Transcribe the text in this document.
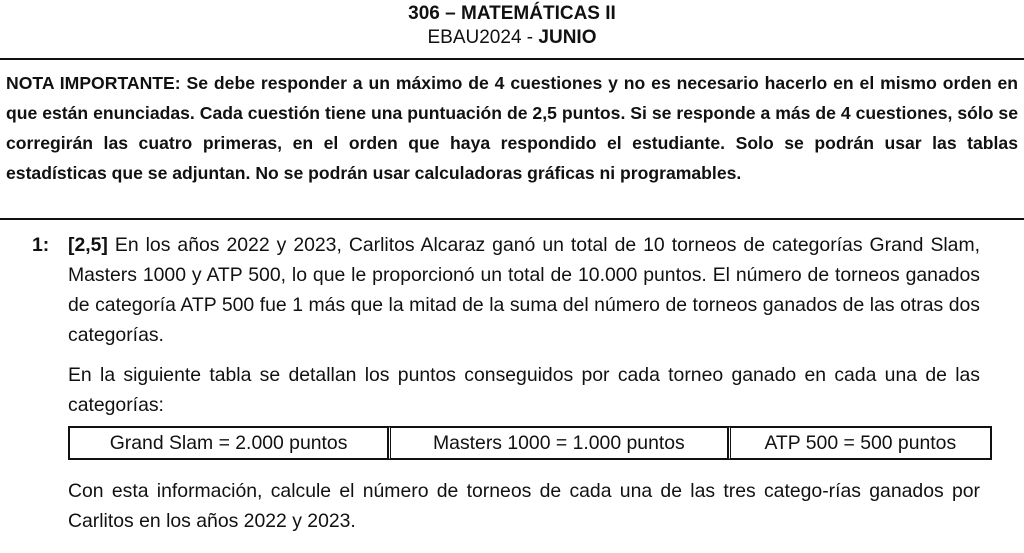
306 – MATEMÁTICAS II
EBAU2024 - JUNIO

NOTA IMPORTANTE: Se debe responder a un máximo de 4 cuestiones y no es necesario hacerlo en el mismo orden en que están enunciadas. Cada cuestión tiene una puntuación de 2,5 puntos. Si se responde a más de 4 cuestiones, sólo se corregirán las cuatro primeras, en el orden que haya respondido el estudiante. Solo se podrán usar las tablas estadísticas que se adjuntan. No se podrán usar calculadoras gráficas ni programables.

1: [2,5] En los años 2022 y 2023, Carlitos Alcaraz ganó un total de 10 torneos de categorías Grand Slam, Masters 1000 y ATP 500, lo que le proporcionó un total de 10.000 puntos. El número de torneos ganados de categoría ATP 500 fue 1 más que la mitad de la suma del número de torneos ganados de las otras dos categorías.

En la siguiente tabla se detallan los puntos conseguidos por cada torneo ganado en cada una de las categorías:

Grand Slam = 2.000 puntos	Masters 1000 = 1.000 puntos	ATP 500 = 500 puntos

Con esta información, calcule el número de torneos de cada una de las tres catego-rías ganados por Carlitos en los años 2022 y 2023.
